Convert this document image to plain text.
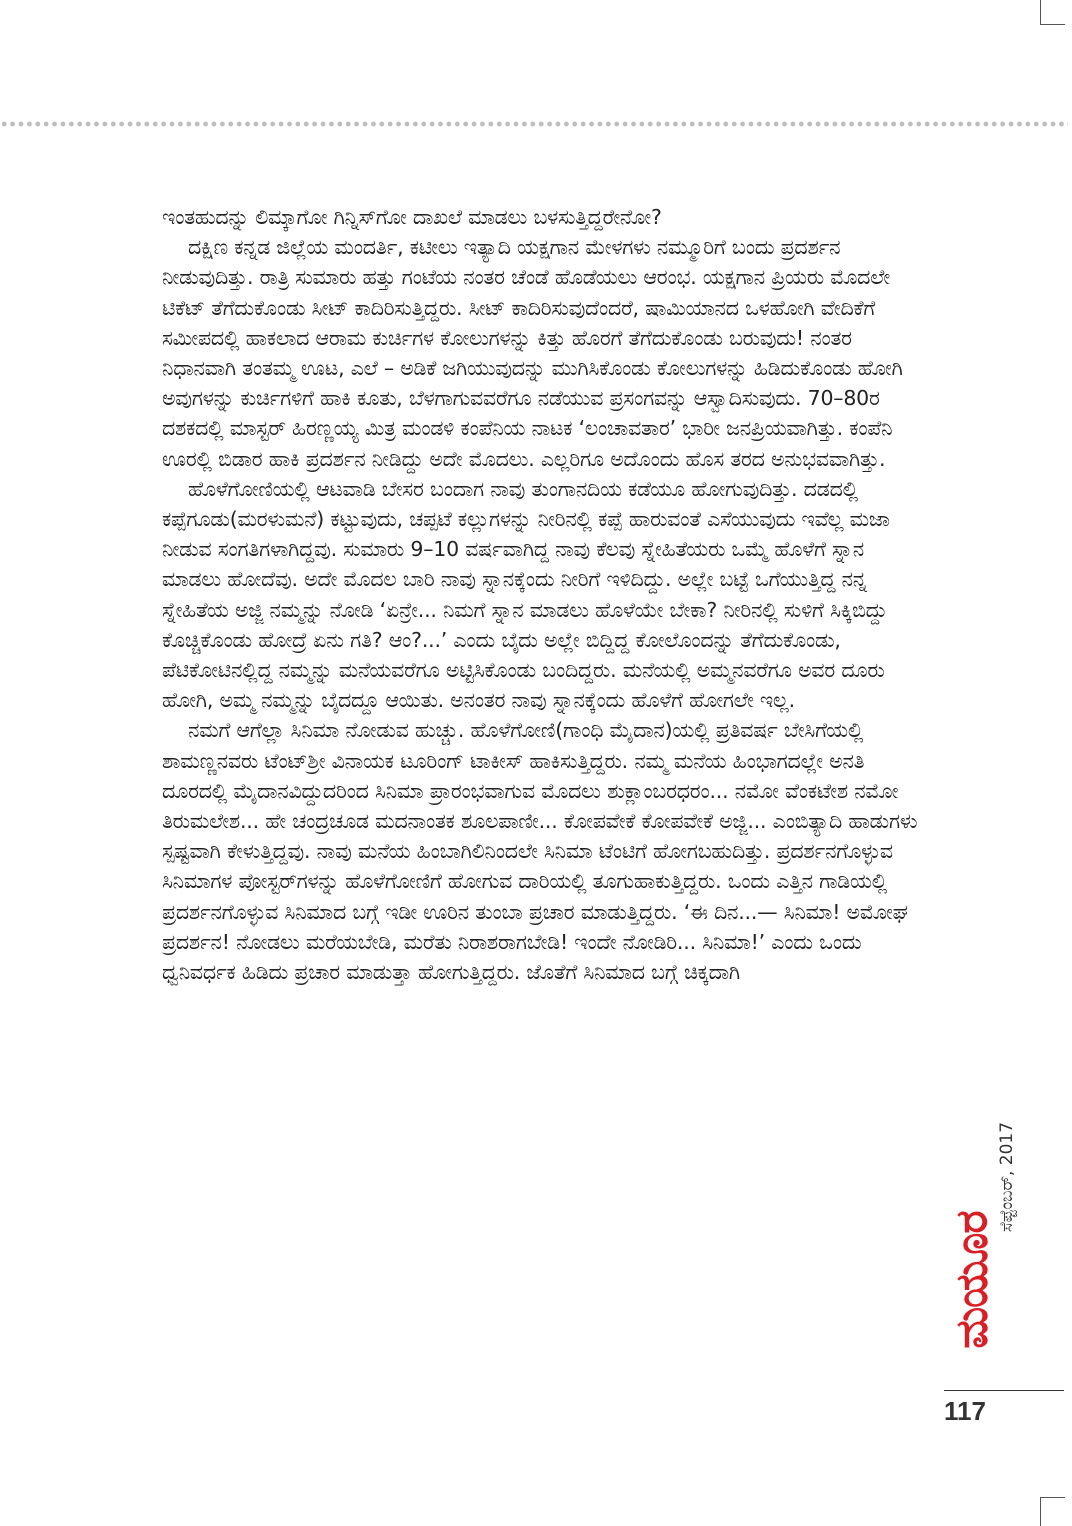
ಇಂತಹುದನ್ನು ಲಿಮ್ಕಾಗೋ ಗಿನ್ನಿಸ್‌ಗೋ ದಾಖಲೆ ಮಾಡಲು ಬಳಸುತ್ತಿದ್ದರೇನೋ?

ದಕ್ಷಿಣ ಕನ್ನಡ ಜಿಲ್ಲೆಯ ಮಂದರ್ತಿ, ಕಟೀಲು ಇತ್ಯಾದಿ ಯಕ್ಷಗಾನ ಮೇಳಗಳು ನಮ್ಮೂರಿಗೆ ಬಂದು ಪ್ರದರ್ಶನ ನೀಡುವುದಿತ್ತು. ರಾತ್ರಿ ಸುಮಾರು ಹತ್ತು ಗಂಟೆಯ ನಂತರ ಚೆಂಡೆ ಹೊಡೆಯಲು ಆರಂಭ. ಯಕ್ಷಗಾನ ಪ್ರಿಯರು ಮೊದಲೇ ಟಿಕೆಟ್ ತೆಗೆದುಕೊಂಡು ಸೀಟ್ ಕಾದಿರಿಸುತ್ತಿದ್ದರು. ಸೀಟ್ ಕಾದಿರಿಸುವುದೆಂದರೆ, ಷಾಮಿಯಾನದ ಒಳಹೋಗಿ ವೇದಿಕೆಗೆ ಸಮೀಪದಲ್ಲಿ ಹಾಕಲಾದ ಆರಾಮ ಕುರ್ಚಿಗಳ ಕೋಲುಗಳನ್ನು ಕಿತ್ತು ಹೊರಗೆ ತೆಗೆದುಕೊಂಡು ಬರುವುದು! ನಂತರ ನಿಧಾನವಾಗಿ ತಂತಮ್ಮ ಊಟ, ಎಲೆ – ಅಡಿಕೆ ಜಗಿಯುವುದನ್ನು ಮುಗಿಸಿಕೊಂಡು ಕೋಲುಗಳನ್ನು ಹಿಡಿದುಕೊಂಡು ಹೋಗಿ ಅವುಗಳನ್ನು ಕುರ್ಚಿಗಳಿಗೆ ಹಾಕಿ ಕೂತು, ಬೆಳಗಾಗುವವರೆಗೂ ನಡೆಯುವ ಪ್ರಸಂಗವನ್ನು ಆಸ್ವಾದಿಸುವುದು. 70–80ರ ದಶಕದಲ್ಲಿ ಮಾಸ್ಟರ್ ಹಿರಣ್ಣಯ್ಯ ಮಿತ್ರ ಮಂಡಳಿ ಕಂಪೆನಿಯ ನಾಟಕ ‘ಲಂಚಾವತಾರ’ ಭಾರೀ ಜನಪ್ರಿಯವಾಗಿತ್ತು. ಕಂಪೆನಿ ಊರಲ್ಲಿ ಬಿಡಾರ ಹಾಕಿ ಪ್ರದರ್ಶನ ನೀಡಿದ್ದು ಅದೇ ಮೊದಲು. ಎಲ್ಲರಿಗೂ ಅದೊಂದು ಹೊಸ ತರದ ಅನುಭವವಾಗಿತ್ತು.

ಹೊಳೆಗೋಣಿಯಲ್ಲಿ ಆಟವಾಡಿ ಬೇಸರ ಬಂದಾಗ ನಾವು ತುಂಗಾನದಿಯ ಕಡೆಯೂ ಹೋಗುವುದಿತ್ತು. ದಡದಲ್ಲಿ ಕಪ್ಪೆಗೂಡು(ಮರಳುಮನೆ) ಕಟ್ಟುವುದು, ಚಪ್ಪಟೆ ಕಲ್ಲುಗಳನ್ನು ನೀರಿನಲ್ಲಿ ಕಪ್ಪೆ ಹಾರುವಂತೆ ಎಸೆಯುವುದು ಇವೆಲ್ಲ ಮಜಾ ನೀಡುವ ಸಂಗತಿಗಳಾಗಿದ್ದವು. ಸುಮಾರು 9–10 ವರ್ಷವಾಗಿದ್ದ ನಾವು ಕೆಲವು ಸ್ನೇಹಿತೆಯರು ಒಮ್ಮೆ ಹೊಳೆಗೆ ಸ್ನಾನ ಮಾಡಲು ಹೋದೆವು. ಅದೇ ಮೊದಲ ಬಾರಿ ನಾವು ಸ್ನಾನಕ್ಕೆಂದು ನೀರಿಗೆ ಇಳಿದಿದ್ದು. ಅಲ್ಲೇ ಬಟ್ಟೆ ಒಗೆಯುತ್ತಿದ್ದ ನನ್ನ ಸ್ನೇಹಿತೆಯ ಅಜ್ಜಿ ನಮ್ಮನ್ನು ನೋಡಿ ‘ಏನ್ರೇ... ನಿಮಗೆ ಸ್ನಾನ ಮಾಡಲು ಹೊಳೆಯೇ ಬೇಕಾ? ನೀರಿನಲ್ಲಿ ಸುಳಿಗೆ ಸಿಕ್ಕಿಬಿದ್ದು ಕೊಚ್ಚಿಕೊಂಡು ಹೋದ್ರೆ ಏನು ಗತಿ? ಆಂ?...’ ಎಂದು ಬೈದು ಅಲ್ಲೇ ಬಿದ್ದಿದ್ದ ಕೋಲೊಂದನ್ನು ತೆಗೆದುಕೊಂಡು, ಪೆಟಿಕೋಟಿನಲ್ಲಿದ್ದ ನಮ್ಮನ್ನು ಮನೆಯವರೆಗೂ ಅಟ್ಟಿಸಿಕೊಂಡು ಬಂದಿದ್ದರು. ಮನೆಯಲ್ಲಿ ಅಮ್ಮನವರೆಗೂ ಅವರ ದೂರು ಹೋಗಿ, ಅಮ್ಮ ನಮ್ಮನ್ನು ಬೈದದ್ದೂ ಆಯಿತು. ಅನಂತರ ನಾವು ಸ್ನಾನಕ್ಕೆಂದು ಹೊಳೆಗೆ ಹೋಗಲೇ ಇಲ್ಲ.

ನಮಗೆ ಆಗೆಲ್ಲಾ ಸಿನಿಮಾ ನೋಡುವ ಹುಚ್ಚು. ಹೊಳೆಗೋಣಿ(ಗಾಂಧಿ ಮೈದಾನ)ಯಲ್ಲಿ ಪ್ರತಿವರ್ಷ ಬೇಸಿಗೆಯಲ್ಲಿ ಶಾಮಣ್ಣನವರು ಟೆಂಟ್‌ಶ್ರೀ ವಿನಾಯಕ ಟೂರಿಂಗ್ ಟಾಕೀಸ್ ಹಾಕಿಸುತ್ತಿದ್ದರು. ನಮ್ಮ ಮನೆಯ ಹಿಂಭಾಗದಲ್ಲೇ ಅನತಿ ದೂರದಲ್ಲಿ ಮೈದಾನವಿದ್ದುದರಿಂದ ಸಿನಿಮಾ ಪ್ರಾರಂಭವಾಗುವ ಮೊದಲು ಶುಕ್ಲಾಂಬರಧರಂ... ನಮೋ ವೆಂಕಟೇಶ ನಮೋ ತಿರುಮಲೇಶ... ಹೇ ಚಂದ್ರಚೂಡ ಮದನಾಂತಕ ಶೂಲಪಾಣೀ... ಕೋಪವೇಕೆ ಕೋಪವೇಕೆ ಅಜ್ಜಿ... ಎಂಬಿತ್ಯಾದಿ ಹಾಡುಗಳು ಸ್ಪಷ್ಟವಾಗಿ ಕೇಳುತ್ತಿದ್ದವು. ನಾವು ಮನೆಯ ಹಿಂಬಾಗಿಲಿನಿಂದಲೇ ಸಿನಿಮಾ ಟೆಂಟಿಗೆ ಹೋಗಬಹುದಿತ್ತು. ಪ್ರದರ್ಶನಗೊಳ್ಳುವ ಸಿನಿಮಾಗಳ ಪೋಸ್ಟರ್‌ಗಳನ್ನು ಹೊಳೆಗೋಣಿಗೆ ಹೋಗುವ ದಾರಿಯಲ್ಲಿ ತೂಗುಹಾಕುತ್ತಿದ್ದರು. ಒಂದು ಎತ್ತಿನ ಗಾಡಿಯಲ್ಲಿ ಪ್ರದರ್ಶನಗೊಳ್ಳುವ ಸಿನಿಮಾದ ಬಗ್ಗೆ ಇಡೀ ಊರಿನ ತುಂಬಾ ಪ್ರಚಾರ ಮಾಡುತ್ತಿದ್ದರು. ‘ಈ ದಿನ...— ಸಿನಿಮಾ! ಅಮೋಘ ಪ್ರದರ್ಶನ! ನೋಡಲು ಮರೆಯಬೇಡಿ, ಮರೆತು ನಿರಾಶರಾಗಬೇಡಿ! ಇಂದೇ ನೋಡಿರಿ... ಸಿನಿಮಾ!’ ಎಂದು ಒಂದು ಧ್ವನಿವರ್ಧಕ ಹಿಡಿದು ಪ್ರಚಾರ ಮಾಡುತ್ತಾ ಹೋಗುತ್ತಿದ್ದರು. ಜೊತೆಗೆ ಸಿನಿಮಾದ ಬಗ್ಗೆ ಚಿಕ್ಕದಾಗಿ

ಸೆಪ್ಟೆಂಬರ್, 2017
ಮಯೂರ
117
